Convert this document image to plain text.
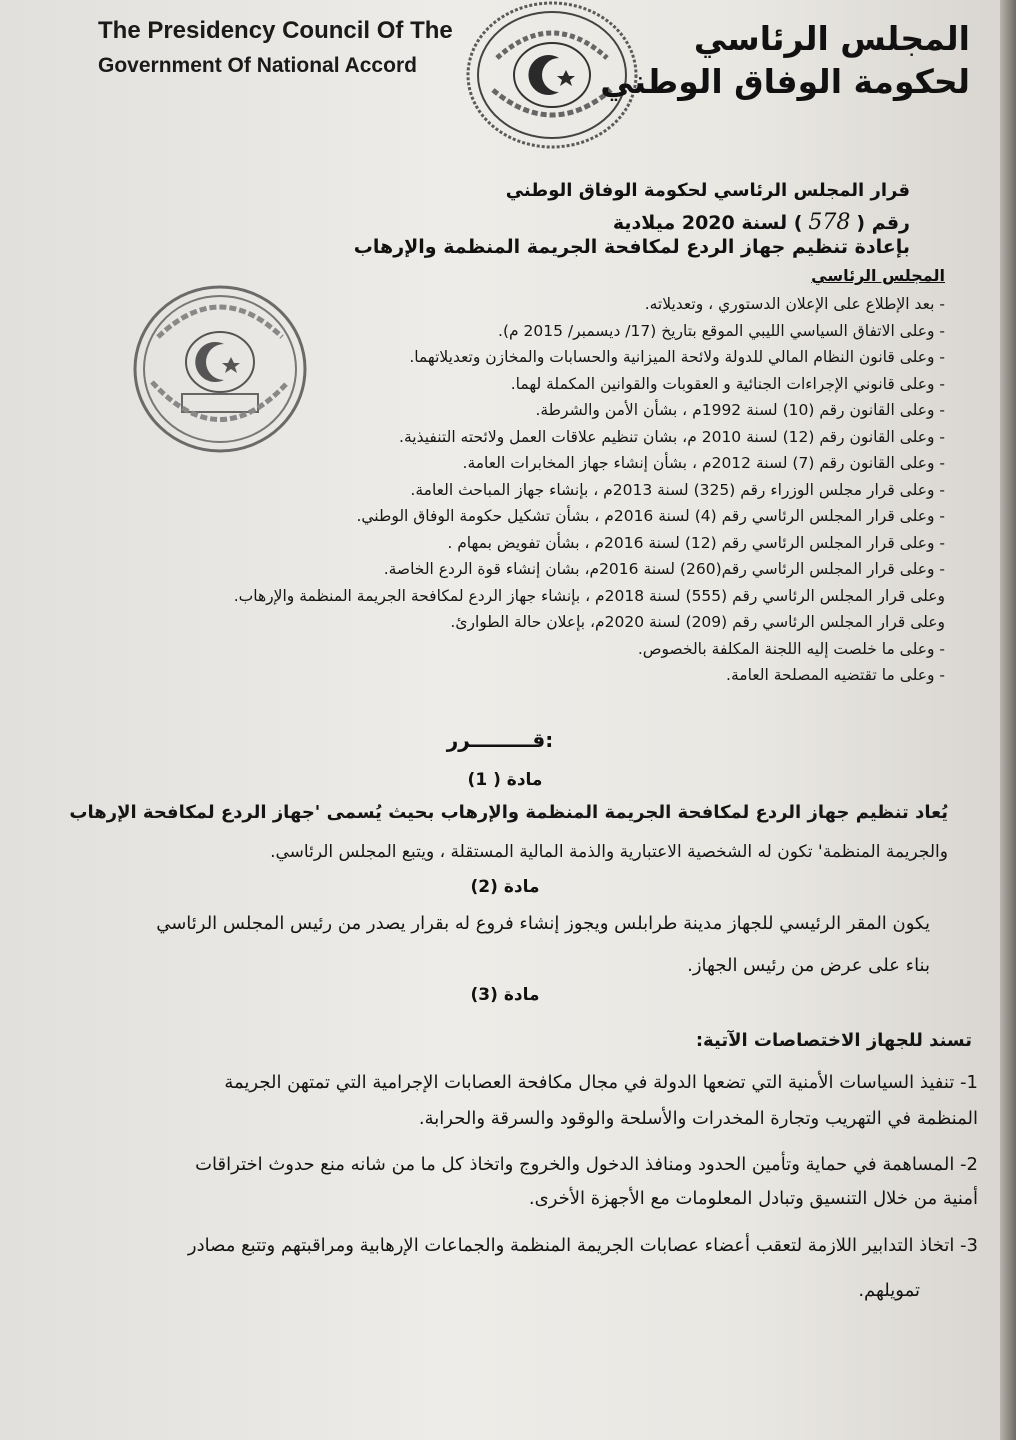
The Presidency Council Of The
Government Of National Accord
المجلس الرئاسي
لحكومة الوفاق الوطني
قرار المجلس الرئاسي لحكومة الوفاق الوطني
رقم (578) لسنة 2020 ميلادية
بإعادة تنظيم جهاز الردع لمكافحة الجريمة المنظمة والإرهاب
المجلس الرئاسي
- بعد الإطلاع على الإعلان الدستوري ، وتعديلاته.
- وعلى الاتفاق السياسي الليبي الموقع بتاريخ (17/ ديسمبر/ 2015 م).
- وعلى قانون النظام المالي للدولة ولائحة الميزانية والحسابات والمخازن وتعديلاتهما.
- وعلى قانوني الإجراءات الجنائية و العقوبات والقوانين المكملة لهما.
- وعلى القانون رقم (10) لسنة 1992م ، بشأن الأمن والشرطة.
- وعلى القانون رقم (12) لسنة 2010 م، بشان تنظيم علاقات العمل ولائحته التنفيذية.
- وعلى القانون رقم (7) لسنة 2012م ، بشأن إنشاء جهاز المخابرات العامة.
- وعلى قرار مجلس الوزراء رقم (325) لسنة 2013م ، بإنشاء جهاز المباحث العامة.
- وعلى قرار المجلس الرئاسي رقم (4) لسنة 2016م ، بشأن تشكيل حكومة الوفاق الوطني.
- وعلى قرار المجلس الرئاسي رقم (12) لسنة 2016م ، بشأن تفويض بمهام .
- وعلى قرار المجلس الرئاسي رقم(260) لسنة 2016م، بشان إنشاء قوة الردع الخاصة.
وعلى قرار المجلس الرئاسي رقم (555) لسنة 2018م ، بإنشاء جهاز الردع لمكافحة الجريمة المنظمة والإرهاب.
وعلى قرار المجلس الرئاسي رقم (209) لسنة 2020م، بإعلان حالة الطوارئ.
- وعلى ما خلصت إليه اللجنة المكلفة بالخصوص.
- وعلى ما تقتضيه المصلحة العامة.
قـــــــــرر:
مادة ( 1)
يُعاد تنظيم جهاز الردع لمكافحة الجريمة المنظمة والإرهاب بحيث يُسمى 'جهاز الردع لمكافحة الإرهاب
والجريمة المنظمة' تكون له الشخصية الاعتبارية والذمة المالية المستقلة ، ويتبع المجلس الرئاسي.
مادة (2)
يكون المقر الرئيسي للجهاز مدينة طرابلس ويجوز إنشاء فروع له بقرار يصدر من رئيس المجلس الرئاسي
بناء على عرض من رئيس الجهاز.
مادة (3)
تسند للجهاز الاختصاصات الآتية:
1- تنفيذ السياسات الأمنية التي تضعها الدولة في مجال مكافحة العصابات الإجرامية التي تمتهن الجريمة
المنظمة في التهريب وتجارة المخدرات والأسلحة والوقود والسرقة والحرابة.
2- المساهمة في حماية وتأمين الحدود ومنافذ الدخول والخروج واتخاذ كل ما من شانه منع حدوث اختراقات
أمنية من خلال التنسيق وتبادل المعلومات مع الأجهزة الأخرى.
3- اتخاذ التدابير اللازمة لتعقب أعضاء عصابات الجريمة المنظمة والجماعات الإرهابية ومراقبتهم وتتبع مصادر
تمويلهم.
